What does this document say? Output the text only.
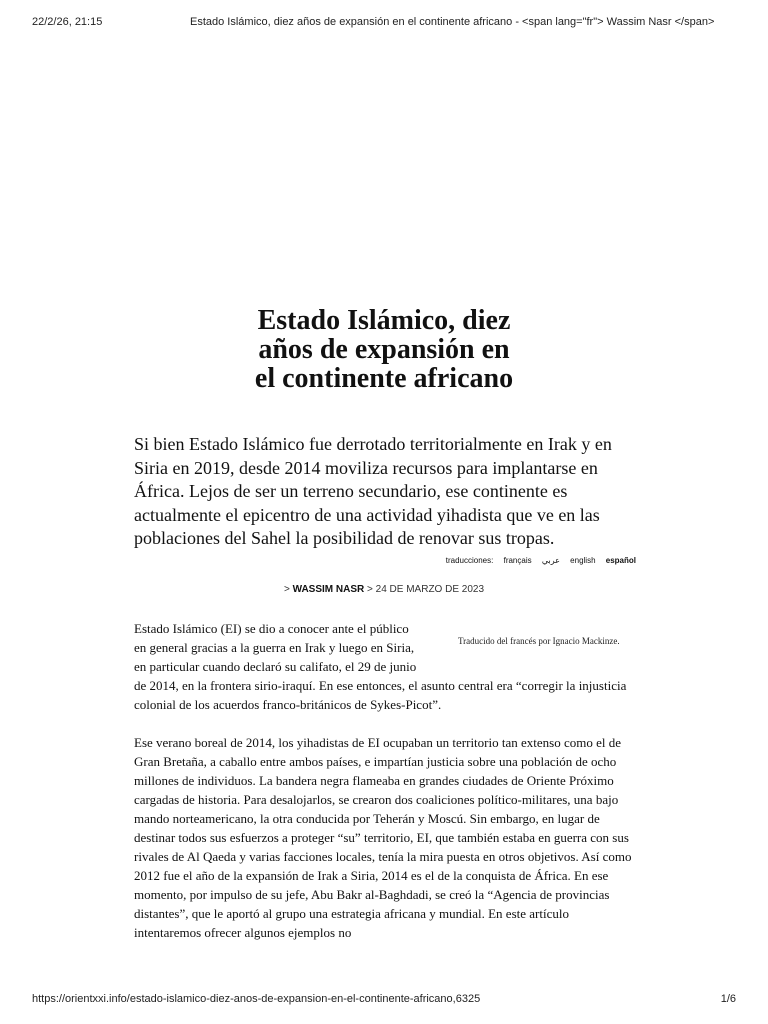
22/2/26, 21:15	Estado Islámico, diez años de expansión en el continente africano - <span lang="fr"> Wassim Nasr </span>
Estado Islámico, diez
años de expansión en
el continente africano

Si bien Estado Islámico fue derrotado territorialmente en Irak y en Siria en 2019, desde 2014 moviliza recursos para implantarse en África. Lejos de ser un terreno secundario, ese continente es actualmente el epicentro de una actividad yihadista que ve en las poblaciones del Sahel la posibilidad de renovar sus tropas.

traducciones: français عربي english español
> WASSIM NASR > 24 DE MARZO DE 2023
Traducido del francés por Ignacio Mackinze.

Estado Islámico (EI) se dio a conocer ante el público en general gracias a la guerra en Irak y luego en Siria, en particular cuando declaró su califato, el 29 de junio de 2014, en la frontera sirio-iraquí. En ese entonces, el asunto central era “corregir la injusticia colonial de los acuerdos franco-británicos de Sykes-Picot”.

Ese verano boreal de 2014, los yihadistas de EI ocupaban un territorio tan extenso como el de Gran Bretaña, a caballo entre ambos países, e impartían justicia sobre una población de ocho millones de individuos. La bandera negra flameaba en grandes ciudades de Oriente Próximo cargadas de historia. Para desalojarlos, se crearon dos coaliciones político-militares, una bajo mando norteamericano, la otra conducida por Teherán y Moscú. Sin embargo, en lugar de destinar todos sus esfuerzos a proteger “su” territorio, EI, que también estaba en guerra con sus rivales de Al Qaeda y varias facciones locales, tenía la mira puesta en otros objetivos. Así como 2012 fue el año de la expansión de Irak a Siria, 2014 es el de la conquista de África. En ese momento, por impulso de su jefe, Abu Bakr al-Baghdadi, se creó la “Agencia de provincias distantes”, que le aportó al grupo una estrategia africana y mundial. En este artículo intentaremos ofrecer algunos ejemplos no

https://orientxxi.info/estado-islamico-diez-anos-de-expansion-en-el-continente-africano,6325	1/6
